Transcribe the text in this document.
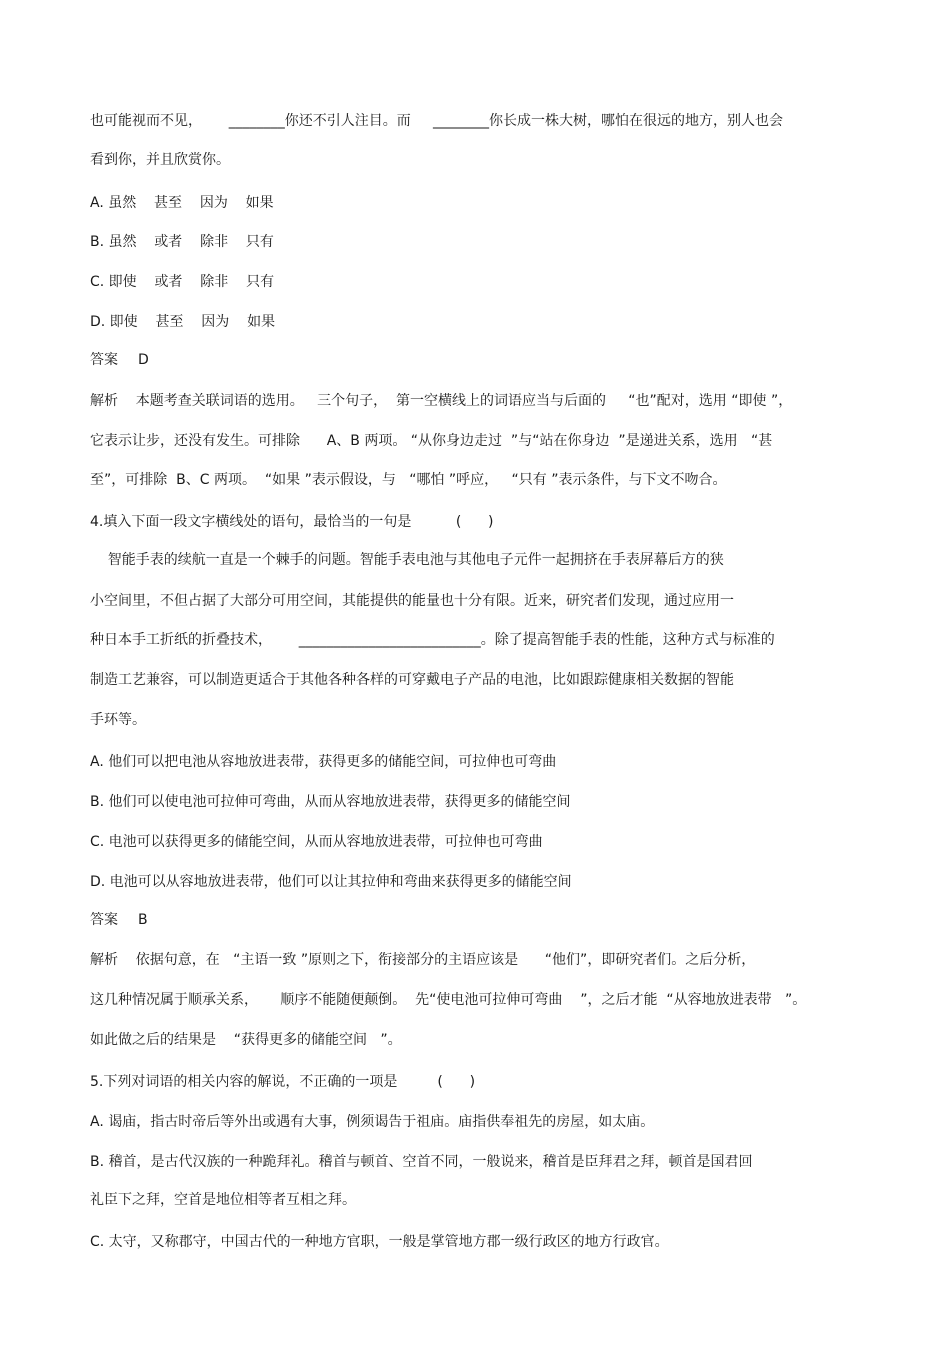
也可能视而不见，      ________你还不引人注目。而     ________你长成一株大树，哪怕在很远的地方，别人也会
看到你，并且欣赏你。
A. 虽然    甚至    因为    如果
B. 虽然    或者    除非    只有
C. 即使    或者    除非    只有
D. 即使    甚至    因为    如果
答案 D
解析    本题考查关联词语的选用。   三个句子，  第一空横线上的词语应当与后面的     “也”配对，选用 “即使 ”，
它表示让步，还没有发生。可排除      A、B 两项。 “从你身边走过  ”与“站在你身边  ”是递进关系，选用   “甚
至”，可排除  B、C 两项。  “如果 ”表示假设，与   “哪怕 ”呼应，   “只有 ”表示条件，与下文不吻合。
4.填入下面一段文字横线处的语句，最恰当的一句是          (      )
智能手表的续航一直是一个棘手的问题。智能手表电池与其他电子元件一起拥挤在手表屏幕后方的狭
小空间里，不但占据了大部分可用空间，其能提供的能量也十分有限。近来，研究者们发现，通过应用一
种日本手工折纸的折叠技术，      __________________________。除了提高智能手表的性能，这种方式与标准的
制造工艺兼容，可以制造更适合于其他各种各样的可穿戴电子产品的电池，比如跟踪健康相关数据的智能
手环等。
A. 他们可以把电池从容地放进表带，获得更多的储能空间，可拉伸也可弯曲
B. 他们可以使电池可拉伸可弯曲，从而从容地放进表带，获得更多的储能空间
C. 电池可以获得更多的储能空间，从而从容地放进表带，可拉伸也可弯曲
D. 电池可以从容地放进表带，他们可以让其拉伸和弯曲来获得更多的储能空间
答案 B
解析    依据句意，在   “主语一致 ”原则之下，衔接部分的主语应该是      “他们”，即研究者们。之后分析，
这几种情况属于顺承关系，     顺序不能随便颠倒。  先“使电池可拉伸可弯曲    ”，之后才能  “从容地放进表带   ”。
如此做之后的结果是    “获得更多的储能空间   ”。
5.下列对词语的相关内容的解说，不正确的一项是         (      )
A. 谒庙，指古时帝后等外出或遇有大事，例须谒告于祖庙。庙指供奉祖先的房屋，如太庙。
B. 稽首，是古代汉族的一种跪拜礼。稽首与顿首、空首不同，一般说来，稽首是臣拜君之拜，顿首是国君回
礼臣下之拜，空首是地位相等者互相之拜。
C. 太守，又称郡守，中国古代的一种地方官职，一般是掌管地方郡一级行政区的地方行政官。
